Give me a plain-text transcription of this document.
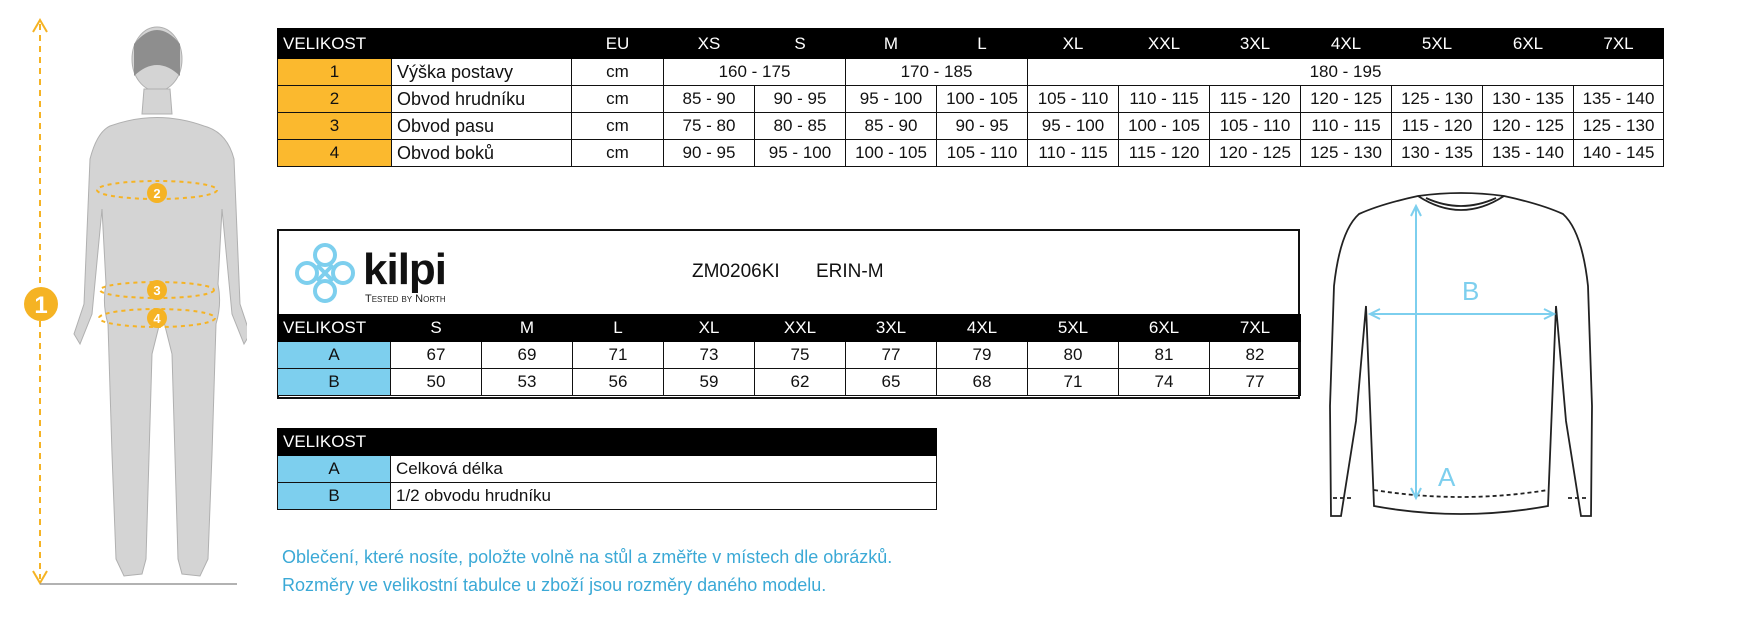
1
2
3
4
VELIKOST		EU	XS	S	M	L	XL	XXL	3XL	4XL	5XL	6XL	7XL
1	Výška postavy	cm	160 - 175		170 - 185		180 - 195						
2	Obvod hrudníku	cm	85 - 90	90 - 95	95 - 100	100 - 105	105 - 110	110 - 115	115 - 120	120 - 125	125 - 130	130 - 135	135 - 140
3	Obvod pasu	cm	75 - 80	80 - 85	85 - 90	90 - 95	95 - 100	100 - 105	105 - 110	110 - 115	115 - 120	120 - 125	125 - 130
4	Obvod boků	cm	90 - 95	95 - 100	100 - 105	105 - 110	110 - 115	115 - 120	120 - 125	125 - 130	130 - 135	135 - 140	140 - 145
kilpi
Tested by North
ZM0206KI ERIN-M
VELIKOST	S	M	L	XL	XXL	3XL	4XL	5XL	6XL	7XL
A	67	69	71	73	75	77	79	80	81	82
B	50	53	56	59	62	65	68	71	74	77
VELIKOST	
A	Celková délka
B	1/2 obvodu hrudníku
Oblečení, které nosíte, položte volně na stůl a změřte v místech dle obrázků.
Rozměry ve velikostní tabulce u zboží jsou rozměry daného modelu.
A
B
